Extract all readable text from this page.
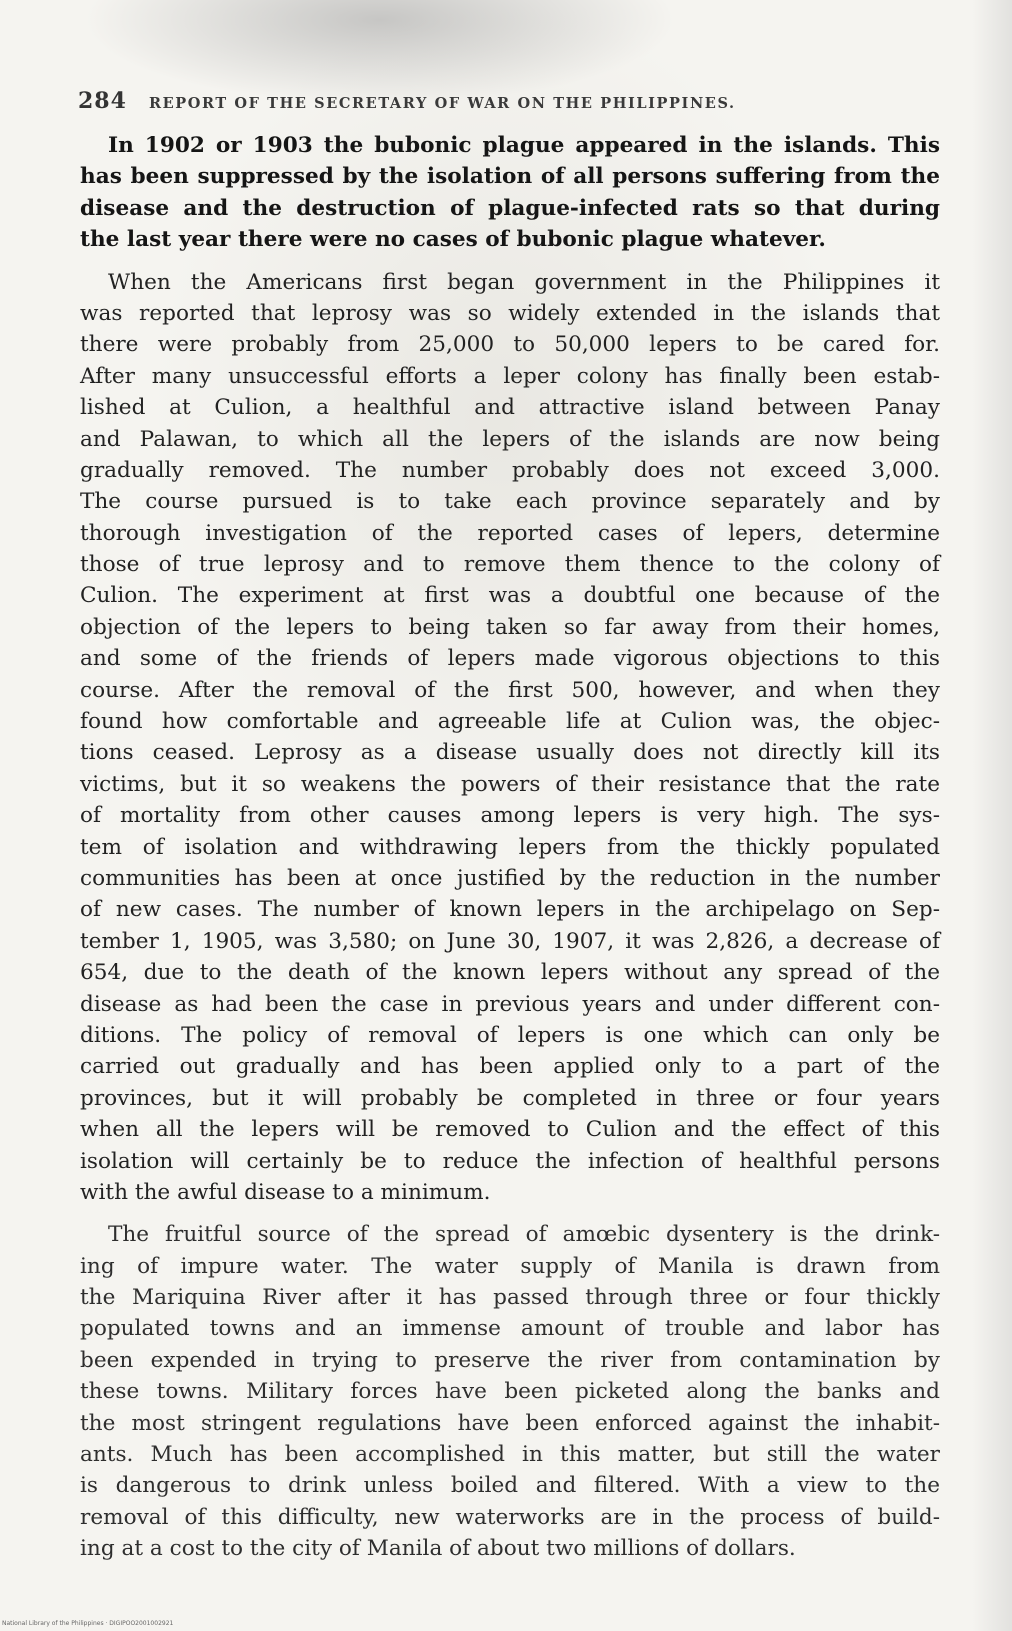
284 REPORT OF THE SECRETARY OF WAR ON THE PHILIPPINES.
In 1902 or 1903 the bubonic plague appeared in the islands. This
has been suppressed by the isolation of all persons suffering from the
disease and the destruction of plague-infected rats so that during
the last year there were no cases of bubonic plague whatever.
When the Americans first began government in the Philippines it
was reported that leprosy was so widely extended in the islands that
there were probably from 25,000 to 50,000 lepers to be cared for.
After many unsuccessful efforts a leper colony has finally been estab-
lished at Culion, a healthful and attractive island between Panay
and Palawan, to which all the lepers of the islands are now being
gradually removed. The number probably does not exceed 3,000.
The course pursued is to take each province separately and by
thorough investigation of the reported cases of lepers, determine
those of true leprosy and to remove them thence to the colony of
Culion. The experiment at first was a doubtful one because of the
objection of the lepers to being taken so far away from their homes,
and some of the friends of lepers made vigorous objections to this
course. After the removal of the first 500, however, and when they
found how comfortable and agreeable life at Culion was, the objec-
tions ceased. Leprosy as a disease usually does not directly kill its
victims, but it so weakens the powers of their resistance that the rate
of mortality from other causes among lepers is very high. The sys-
tem of isolation and withdrawing lepers from the thickly populated
communities has been at once justified by the reduction in the number
of new cases. The number of known lepers in the archipelago on Sep-
tember 1, 1905, was 3,580; on June 30, 1907, it was 2,826, a decrease of
654, due to the death of the known lepers without any spread of the
disease as had been the case in previous years and under different con-
ditions. The policy of removal of lepers is one which can only be
carried out gradually and has been applied only to a part of the
provinces, but it will probably be completed in three or four years
when all the lepers will be removed to Culion and the effect of this
isolation will certainly be to reduce the infection of healthful persons
with the awful disease to a minimum.
The fruitful source of the spread of amœbic dysentery is the drink-
ing of impure water. The water supply of Manila is drawn from
the Mariquina River after it has passed through three or four thickly
populated towns and an immense amount of trouble and labor has
been expended in trying to preserve the river from contamination by
these towns. Military forces have been picketed along the banks and
the most stringent regulations have been enforced against the inhabit-
ants. Much has been accomplished in this matter, but still the water
is dangerous to drink unless boiled and filtered. With a view to the
removal of this difficulty, new waterworks are in the process of build-
ing at a cost to the city of Manila of about two millions of dollars.
National Library of the Philippines · DIGIPOO2001002921
